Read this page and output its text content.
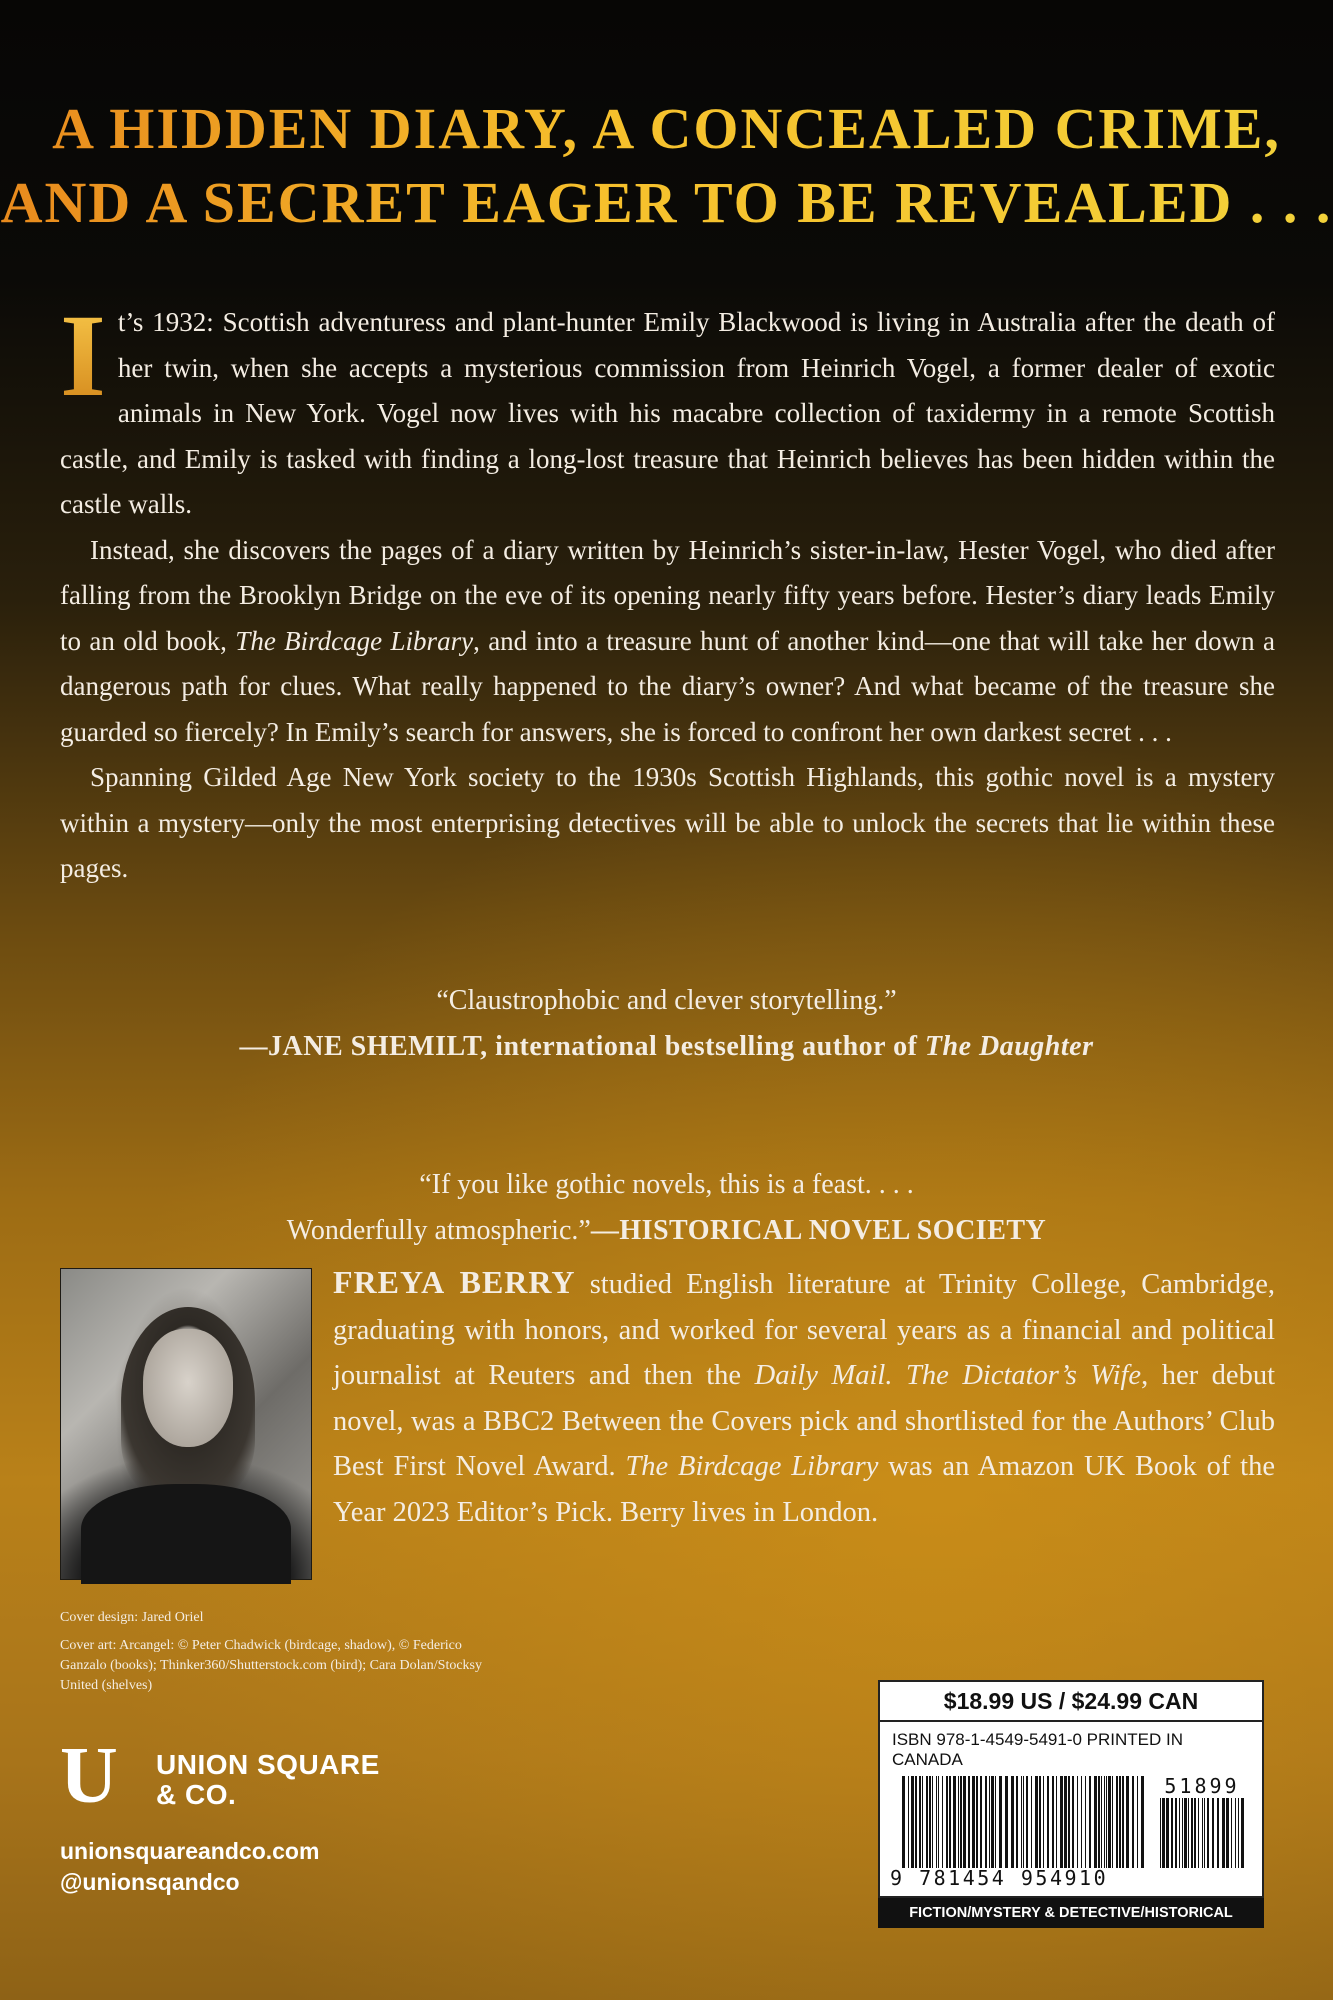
A HIDDEN DIARY, A CONCEALED CRIME,
AND A SECRET EAGER TO BE REVEALED . . .

I t’s 1932: Scottish adventuress and plant-hunter Emily Blackwood is living in Australia after the death of her twin, when she accepts a mysterious commission from Heinrich Vogel, a former dealer of exotic animals in New York. Vogel now lives with his macabre collection of taxidermy in a remote Scottish castle, and Emily is tasked with finding a long-lost treasure that Heinrich believes has been hidden within the castle walls.

Instead, she discovers the pages of a diary written by Heinrich’s sister-in-law, Hester Vogel, who died after falling from the Brooklyn Bridge on the eve of its opening nearly fifty years before. Hester’s diary leads Emily to an old book, The Birdcage Library, and into a treasure hunt of another kind—one that will take her down a dangerous path for clues. What really happened to the diary’s owner? And what became of the treasure she guarded so fiercely? In Emily’s search for answers, she is forced to confront her own darkest secret . . .

Spanning Gilded Age New York society to the 1930s Scottish Highlands, this gothic novel is a mystery within a mystery—only the most enterprising detectives will be able to unlock the secrets that lie within these pages.

“Claustrophobic and clever storytelling.”
—JANE SHEMILT, international bestselling author of The Daughter
“If you like gothic novels, this is a feast. . . .
Wonderfully atmospheric.”—HISTORICAL NOVEL SOCIETY
FREYA BERRY studied English literature at Trinity College, Cambridge, graduating with honors, and worked for several years as a financial and political journalist at Reuters and then the Daily Mail. The Dictator’s Wife, her debut novel, was a BBC2 Between the Covers pick and shortlisted for the Authors’ Club Best First Novel Award. The Birdcage Library was an Amazon UK Book of the Year 2023 Editor’s Pick. Berry lives in London.

Cover design: Jared Oriel

Cover art: Arcangel: © Peter Chadwick (birdcage, shadow), © Federico Ganzalo (books); Thinker360/Shutterstock.com (bird); Cara Dolan/Stocksy United (shelves)

U UNION SQUARE
& CO.
unionsquareandco.com
@unionsqandco
$18.99 US / $24.99 CAN
ISBN 978-1-4549-5491-0 PRINTED IN CANADA
51899
9 781454 954910
FICTION/MYSTERY & DETECTIVE/HISTORICAL
